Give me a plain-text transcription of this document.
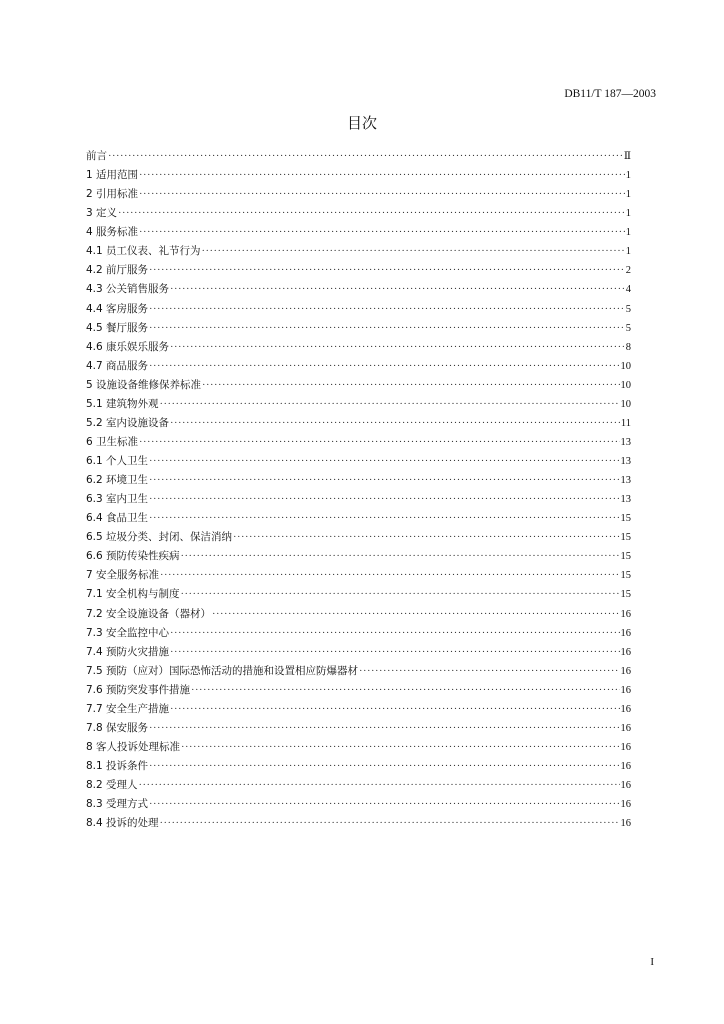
DB11/T 187—2003
目次
前言 ·····	Ⅱ
1 适用范围 ·····	1
2 引用标准 ·····	1
3 定义 ·····	1
4 服务标准 ·····	1
4.1 员工仪表、礼节行为 ·····	1
4.2 前厅服务 ·····	2
4.3 公关销售服务 ·····	4
4.4 客房服务 ·····	5
4.5 餐厅服务 ·····	5
4.6 康乐娱乐服务 ·····	8
4.7 商品服务 ·····	10
5 设施设备维修保养标准 ·····	10
5.1 建筑物外观 ·····	10
5.2 室内设施设备 ·····	11
6 卫生标准 ·····	13
6.1 个人卫生 ·····	13
6.2 环境卫生 ·····	13
6.3 室内卫生 ·····	13
6.4 食品卫生 ·····	15
6.5 垃圾分类、封闭、保洁消纳 ·····	15
6.6 预防传染性疾病 ·····	15
7 安全服务标准 ·····	15
7.1 安全机构与制度 ·····	15
7.2 安全设施设备（器材） ·····	16
7.3 安全监控中心 ·····	16
7.4 预防火灾措施 ·····	16
7.5 预防（应对）国际恐怖活动的措施和设置相应防爆器材 ·····	16
7.6 预防突发事件措施 ·····	16
7.7 安全生产措施 ·····	16
7.8 保安服务 ·····	16
8 客人投诉处理标准 ·····	16
8.1 投诉条件 ·····	16
8.2 受理人 ·····	16
8.3 受理方式 ·····	16
8.4 投诉的处理 ·····	16
I
